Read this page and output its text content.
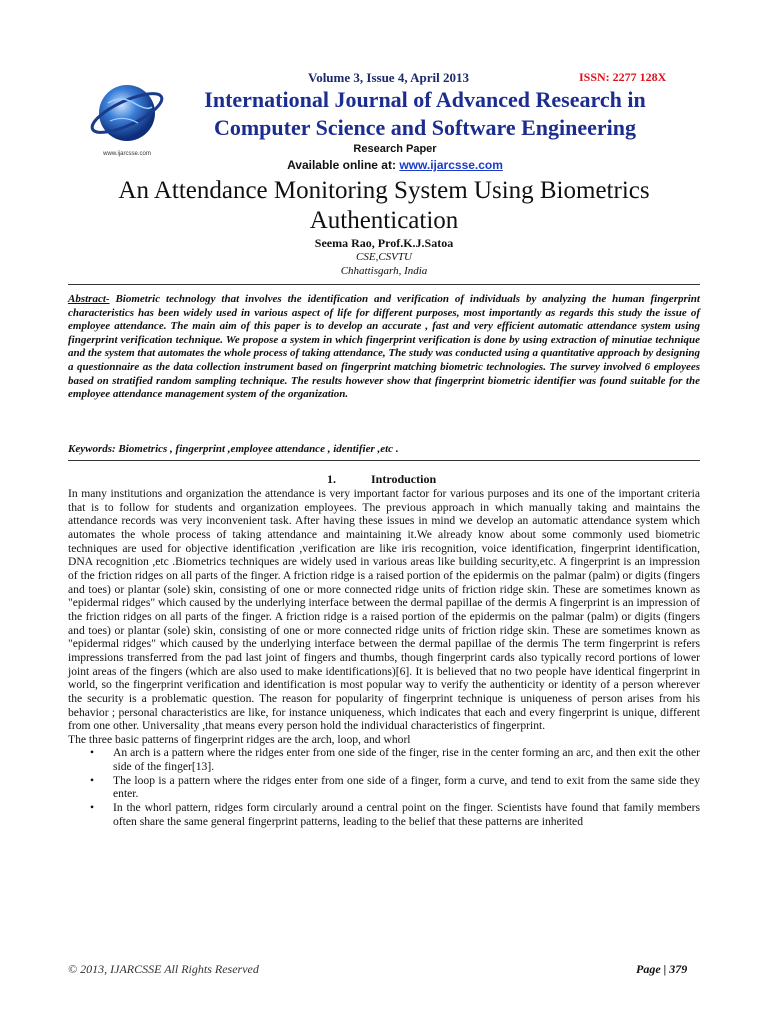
www.ijarcsse.com
Volume 3, Issue 4, April 2013	ISSN: 2277 128X
International Journal of Advanced Research in
Computer Science and Software Engineering
Research Paper
Available online at: www.ijarcsse.com
An Attendance Monitoring System Using Biometrics Authentication
Seema Rao, Prof.K.J.Satoa
CSE,CSVTU
Chhattisgarh, India
Abstract- Biometric technology that involves the identification and verification of individuals by analyzing the human fingerprint characteristics has been widely used in various aspect of life for different purposes, most importantly as regards this study the issue of employee attendance. The main aim of this paper is to develop an accurate , fast and very efficient automatic attendance system using fingerprint verification technique. We propose a system in which fingerprint verification is done by using extraction of minutiae technique and the system that automates the whole process of taking attendance, The study was conducted using a quantitative approach by designing a questionnaire as the data collection instrument based on fingerprint matching biometric technologies. The survey involved 6 employees based on stratified random sampling technique. The results however show that fingerprint biometric identifier was found suitable for the employee attendance management system of the organization.
Keywords: Biometrics , fingerprint ,employee attendance , identifier ,etc .
1.	Introduction

In many institutions and organization the attendance is very important factor for various purposes and its one of the important criteria that is to follow for students and organization employees. The previous approach in which manually taking and maintains the attendance records was very inconvenient task. After having these issues in mind we develop an automatic attendance system which automates the whole process of taking attendance and maintaining it.We already know about some commonly used biometric techniques are used for objective identification ,verification are like iris recognition, voice identification, fingerprint identification, DNA recognition ,etc .Biometrics techniques are widely used in various areas like building security,etc. A fingerprint is an impression of the friction ridges on all parts of the finger. A friction ridge is a raised portion of the epidermis on the palmar (palm) or digits (fingers and toes) or plantar (sole) skin, consisting of one or more connected ridge units of friction ridge skin. These are sometimes known as "epidermal ridges" which caused by the underlying interface between the dermal papillae of the dermis A fingerprint is an impression of the friction ridges on all parts of the finger. A friction ridge is a raised portion of the epidermis on the palmar (palm) or digits (fingers and toes) or plantar (sole) skin, consisting of one or more connected ridge units of friction ridge skin. These are sometimes known as "epidermal ridges" which caused by the underlying interface between the dermal papillae of the dermis The term fingerprint is refers impressions transferred from the pad last joint of fingers and thumbs, though fingerprint cards also typically record portions of lower joint areas of the fingers (which are also used to make identifications)[6]. It is believed that no two people have identical fingerprint in world, so the fingerprint verification and identification is most popular way to verify the authenticity or identity of a person wherever the security is a problematic question. The reason for popularity of fingerprint technique is uniqueness of person arises from his behavior ; personal characteristics are like, for instance uniqueness, which indicates that each and every fingerprint is unique, different from one other. Universality ,that means every person hold the individual characteristics of fingerprint.

The three basic patterns of fingerprint ridges are the arch, loop, and whorl

• An arch is a pattern where the ridges enter from one side of the finger, rise in the center forming an arc, and then exit the other side of the finger[13].
• The loop is a pattern where the ridges enter from one side of a finger, form a curve, and tend to exit from the same side they enter.
• In the whorl pattern, ridges form circularly around a central point on the finger. Scientists have found that family members often share the same general fingerprint patterns, leading to the belief that these patterns are inherited
© 2013, IJARCSSE All Rights Reserved	Page | 379
